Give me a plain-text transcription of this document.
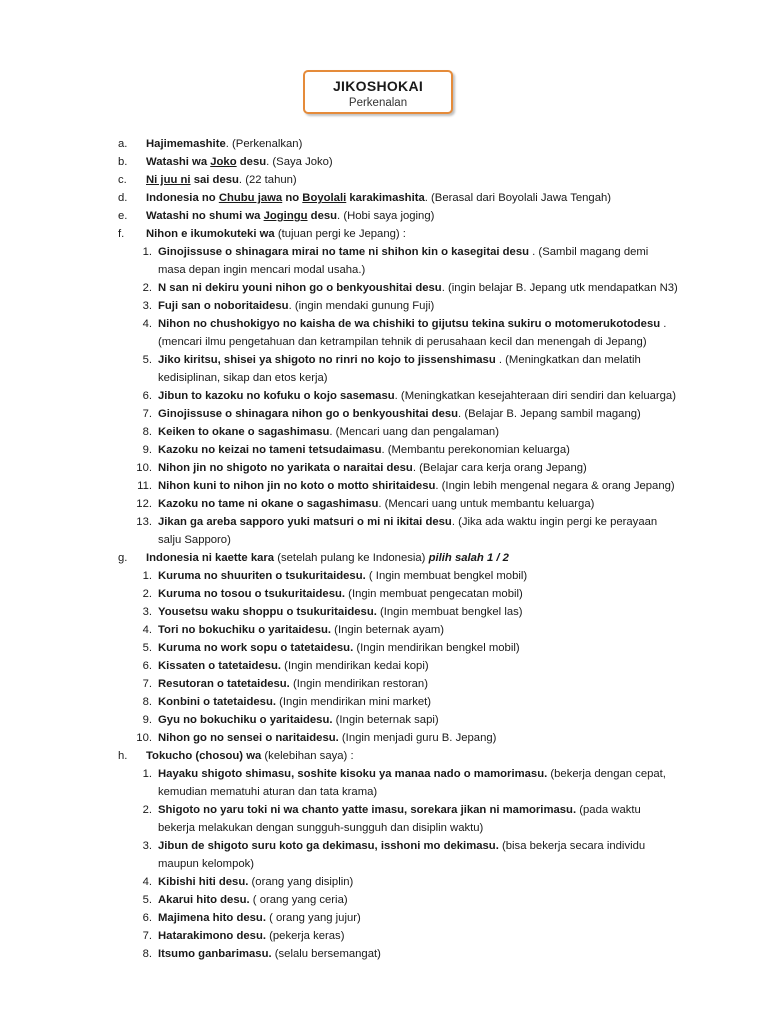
JIKOSHOKAI
Perkenalan
a.	Hajimemashite. (Perkenalkan)
b.	Watashi wa Joko desu. (Saya Joko)
c.	Ni juu ni sai desu. (22 tahun)
d.	Indonesia no Chubu jawa no Boyolali karakimashita. (Berasal dari Boyolali Jawa Tengah)
e.	Watashi no shumi wa Jogingu desu. (Hobi saya joging)
f.	Nihon e ikumokuteki wa (tujuan pergi ke Jepang) :
1. Ginojissuse o shinagara mirai no tame ni shihon kin o kasegitai desu . (Sambil magang demi masa depan ingin mencari modal usaha.)
2. N san ni dekiru youni nihon go o benkyoushitai desu. (ingin belajar B. Jepang utk mendapatkan N3)
3. Fuji san o noboritaidesu. (ingin mendaki gunung Fuji)
4. Nihon no chushokigyo no kaisha de wa chishiki to gijutsu tekina sukiru o motomerukotodesu . (mencari ilmu pengetahuan dan ketrampilan tehnik di perusahaan kecil dan menengah di Jepang)
5. Jiko kiritsu, shisei ya shigoto no rinri no kojo to jissenshimasu . (Meningkatkan dan melatih kedisiplinan, sikap dan etos kerja)
6. Jibun to kazoku no kofuku o kojo sasemasu. (Meningkatkan kesejahteraan diri sendiri dan keluarga)
7. Ginojissuse o shinagara nihon go o benkyoushitai desu. (Belajar B. Jepang sambil magang)
8. Keiken to okane o sagashimasu. (Mencari uang dan pengalaman)
9. Kazoku no keizai no tameni tetsudaimasu. (Membantu perekonomian keluarga)
10. Nihon jin no shigoto no yarikata o naraitai desu. (Belajar cara kerja orang Jepang)
11. Nihon kuni to nihon jin no koto o motto shiritaidesu. (Ingin lebih mengenal negara & orang Jepang)
12. Kazoku no tame ni okane o sagashimasu. (Mencari uang untuk membantu keluarga)
13. Jikan ga areba sapporo yuki matsuri o mi ni ikitai desu. (Jika ada waktu ingin pergi ke perayaan salju Sapporo)
g.	Indonesia ni kaette kara (setelah pulang ke Indonesia) pilih salah 1 / 2
1. Kuruma no shuuriten o tsukuritaidesu. ( Ingin membuat bengkel mobil)
2. Kuruma no tosou o tsukuritaidesu. (Ingin membuat pengecatan mobil)
3. Yousetsu waku shoppu o tsukuritaidesu. (Ingin membuat bengkel las)
4. Tori no bokuchiku o yaritaidesu. (Ingin beternak ayam)
5. Kuruma no work sopu o tatetaidesu. (Ingin mendirikan bengkel mobil)
6. Kissaten o tatetaidesu. (Ingin mendirikan kedai kopi)
7. Resutoran o tatetaidesu. (Ingin mendirikan restoran)
8. Konbini o tatetaidesu. (Ingin mendirikan mini market)
9. Gyu no bokuchiku o yaritaidesu. (Ingin beternak sapi)
10. Nihon go no sensei o naritaidesu. (Ingin menjadi guru B. Jepang)
h.	Tokucho (chosou) wa (kelebihan saya) :
1. Hayaku shigoto shimasu, soshite kisoku ya manaa nado o mamorimasu. (bekerja dengan cepat, kemudian mematuhi aturan dan tata krama)
2. Shigoto no yaru toki ni wa chanto yatte imasu, sorekara jikan ni mamorimasu. (pada waktu bekerja melakukan dengan sungguh-sungguh dan disiplin waktu)
3. Jibun de shigoto suru koto ga dekimasu, isshoni mo dekimasu. (bisa bekerja secara individu maupun kelompok)
4. Kibishi hiti desu. (orang yang disiplin)
5. Akarui hito desu. ( orang yang ceria)
6. Majimena hito desu. ( orang yang jujur)
7. Hatarakimono desu. (pekerja keras)
8. Itsumo ganbarimasu. (selalu bersemangat)
